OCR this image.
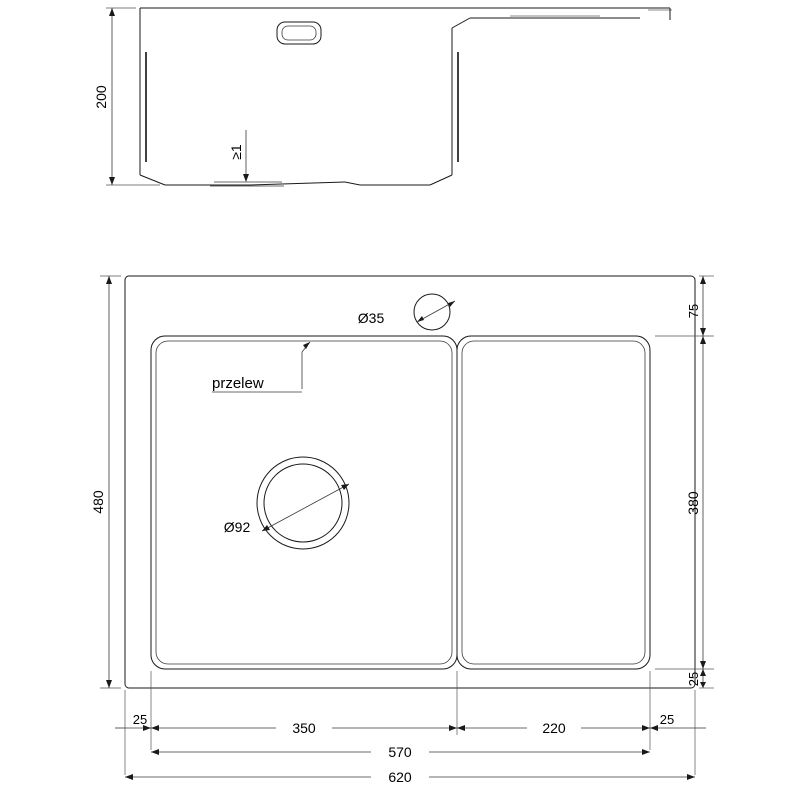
200
≥1
Ø35
Ø92
przelew
480
75
380
25
25
350	220
25
570
620
